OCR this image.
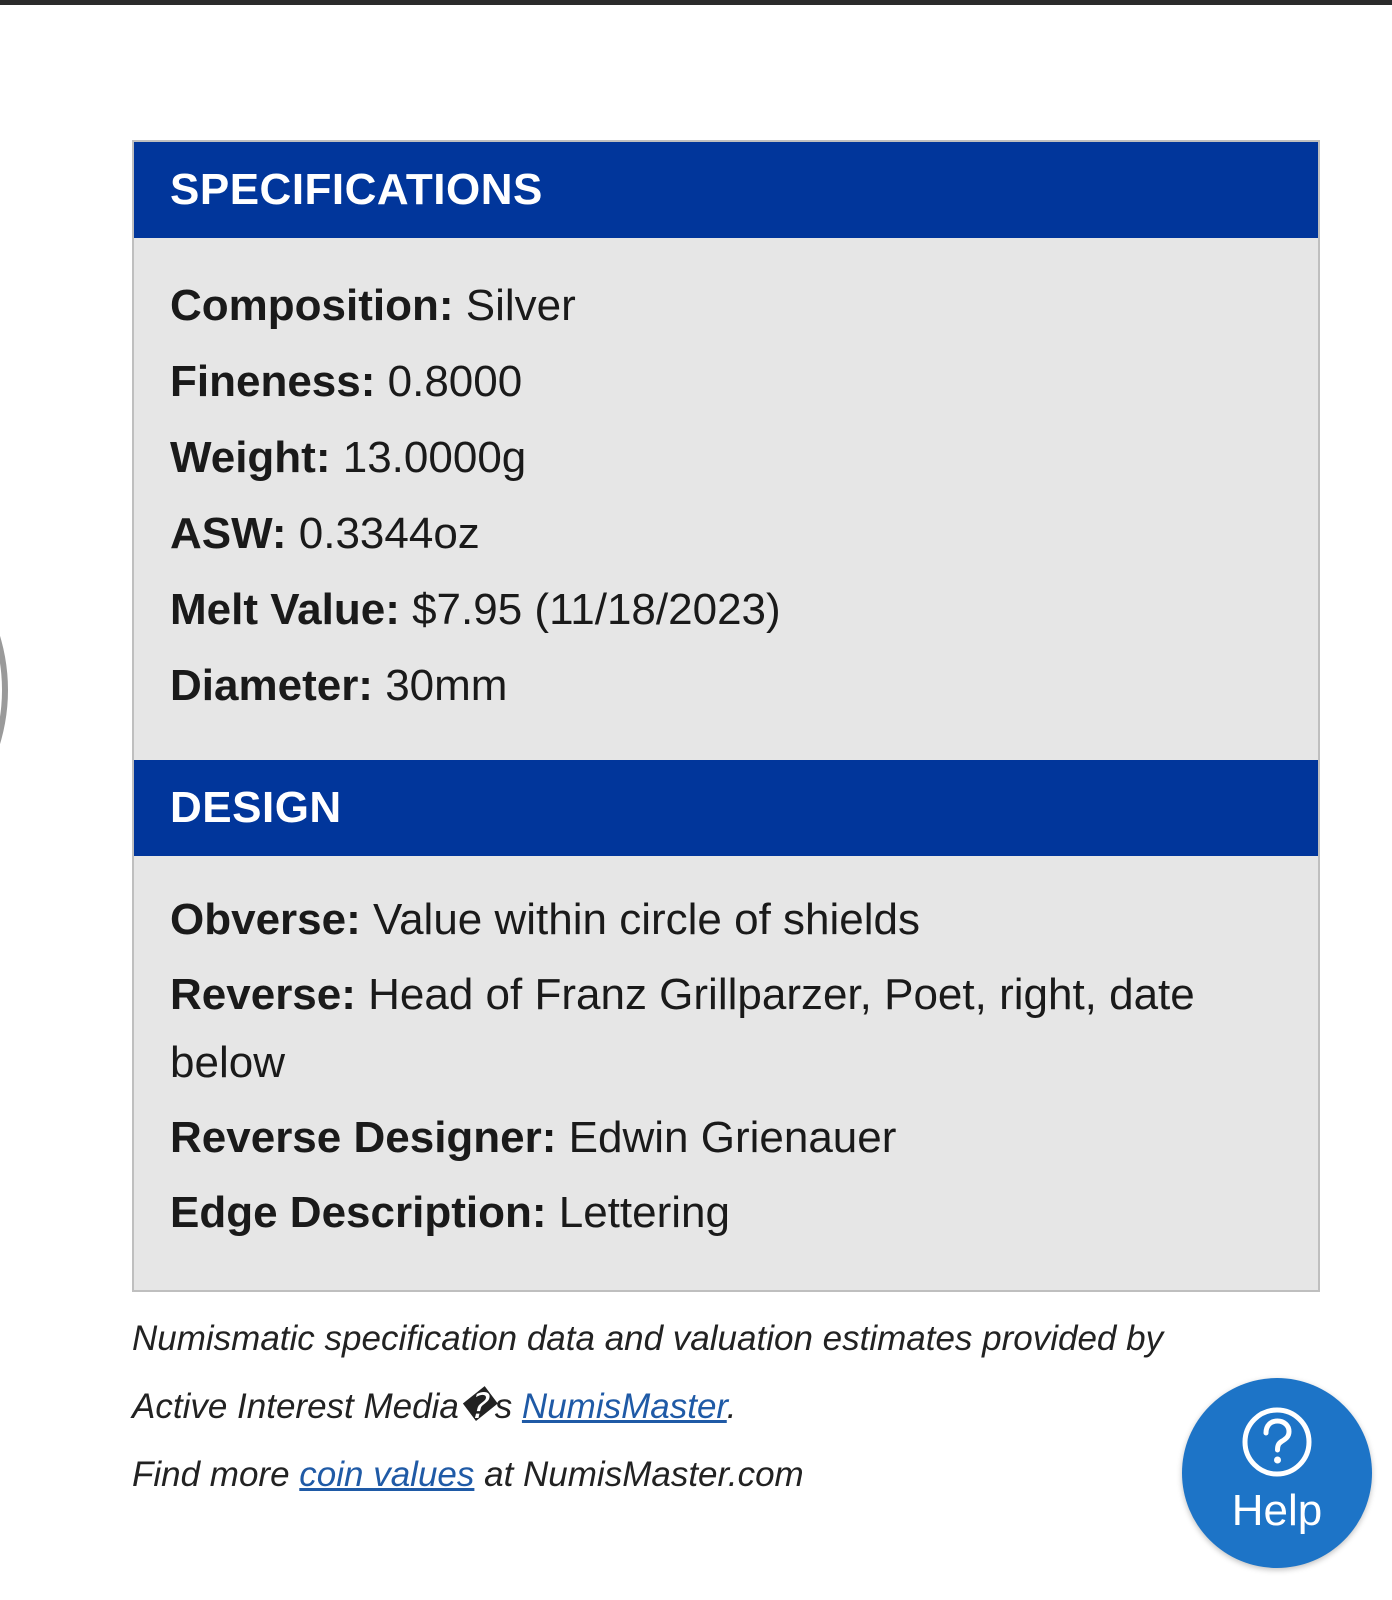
SPECIFICATIONS
Composition: Silver
Fineness: 0.8000
Weight: 13.0000g
ASW: 0.3344oz
Melt Value: $7.95 (11/18/2023)
Diameter: 30mm
DESIGN
Obverse: Value within circle of shields
Reverse: Head of Franz Grillparzer, Poet, right, date below
Reverse Designer: Edwin Grienauer
Edge Description: Lettering
Numismatic specification data and valuation estimates provided by
Active Interest Media�s NumisMaster.
Find more coin values at NumisMaster.com
Help
